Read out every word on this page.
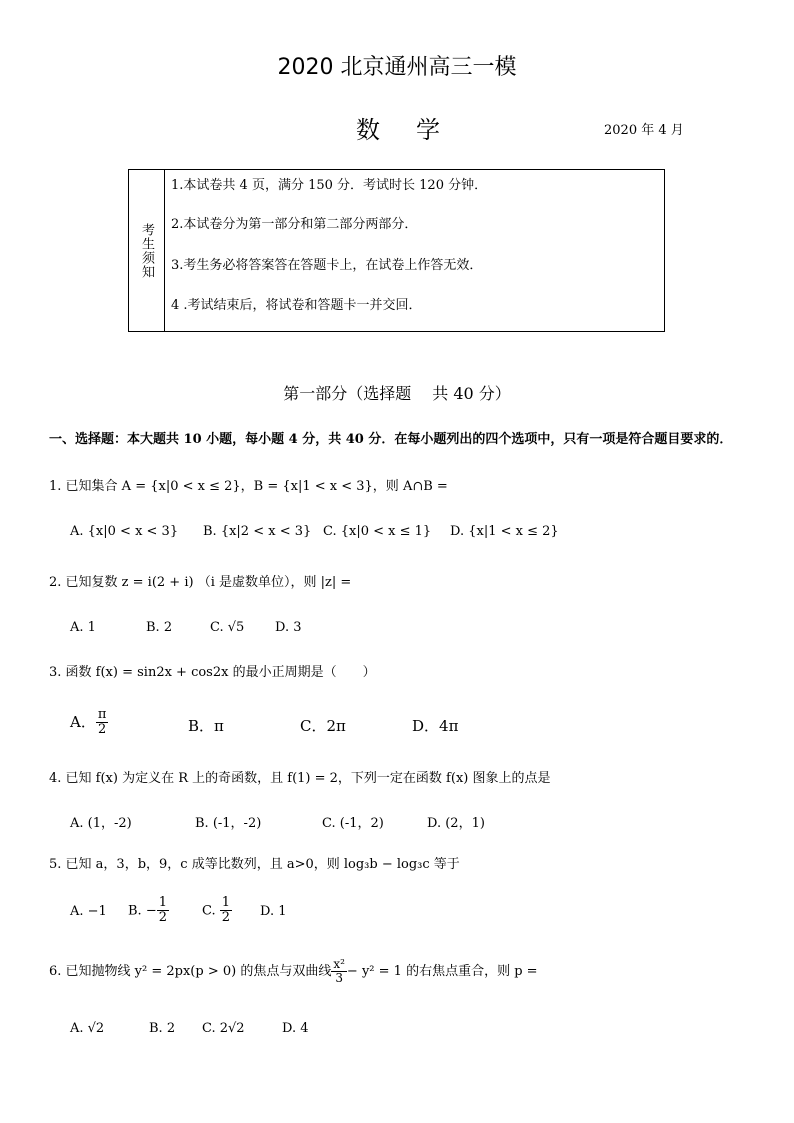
2020 北京通州高三一模
数学	2020 年 4 月
考生须知
1.本试卷共 4 页，满分 150 分．考试时长 120 分钟．
2.本试卷分为第一部分和第二部分两部分．
3.考生务必将答案答在答题卡上，在试卷上作答无效．
4 .考试结束后，将试卷和答题卡一并交回．
第一部分（选择题　 共 40 分）
一、选择题：本大题共 10 小题，每小题 4 分，共 40 分．在每小题列出的四个选项中，只有一项是符合题目要求的．
1. 已知集合 A = {x|0 < x ≤ 2}，B = {x|1 < x < 3}，则 A∩B =
A. {x|0 < x < 3} B. {x|2 < x < 3} C. {x|0 < x ≤ 1} D. {x|1 < x ≤ 2}
2. 已知复数 z = i(2 + i) （i 是虚数单位），则 |z| =
A. 1	B. 2	C. √5 D. 3
3. 函数 f(x) = sin2x + cos2x 的最小正周期是（　　）
A． $\frac{\pi}{2}$	B．π	C．2π	D．4π
4. 已知 f(x) 为定义在 R 上的奇函数，且 f(1) = 2，下列一定在函数 f(x) 图象上的点是
A. (1，-2)	B. (-1，-2)	C. (-1，2)	D. (2，1)
5. 已知 a，3，b，9，c 成等比数列，且 a>0，则 log₃b − log₃c 等于
A. −1 B. − $\frac{1}{2}$	C. $\frac{1}{2} D$. 1
6. 已知抛物线 y² = 2px(p > 0) 的焦点与双曲线 $\frac{\text{x²}}{3} - y^2 = 1$ 的右焦点重合，则 p =
A. √2	B. 2 C. 2√2	D. 4
